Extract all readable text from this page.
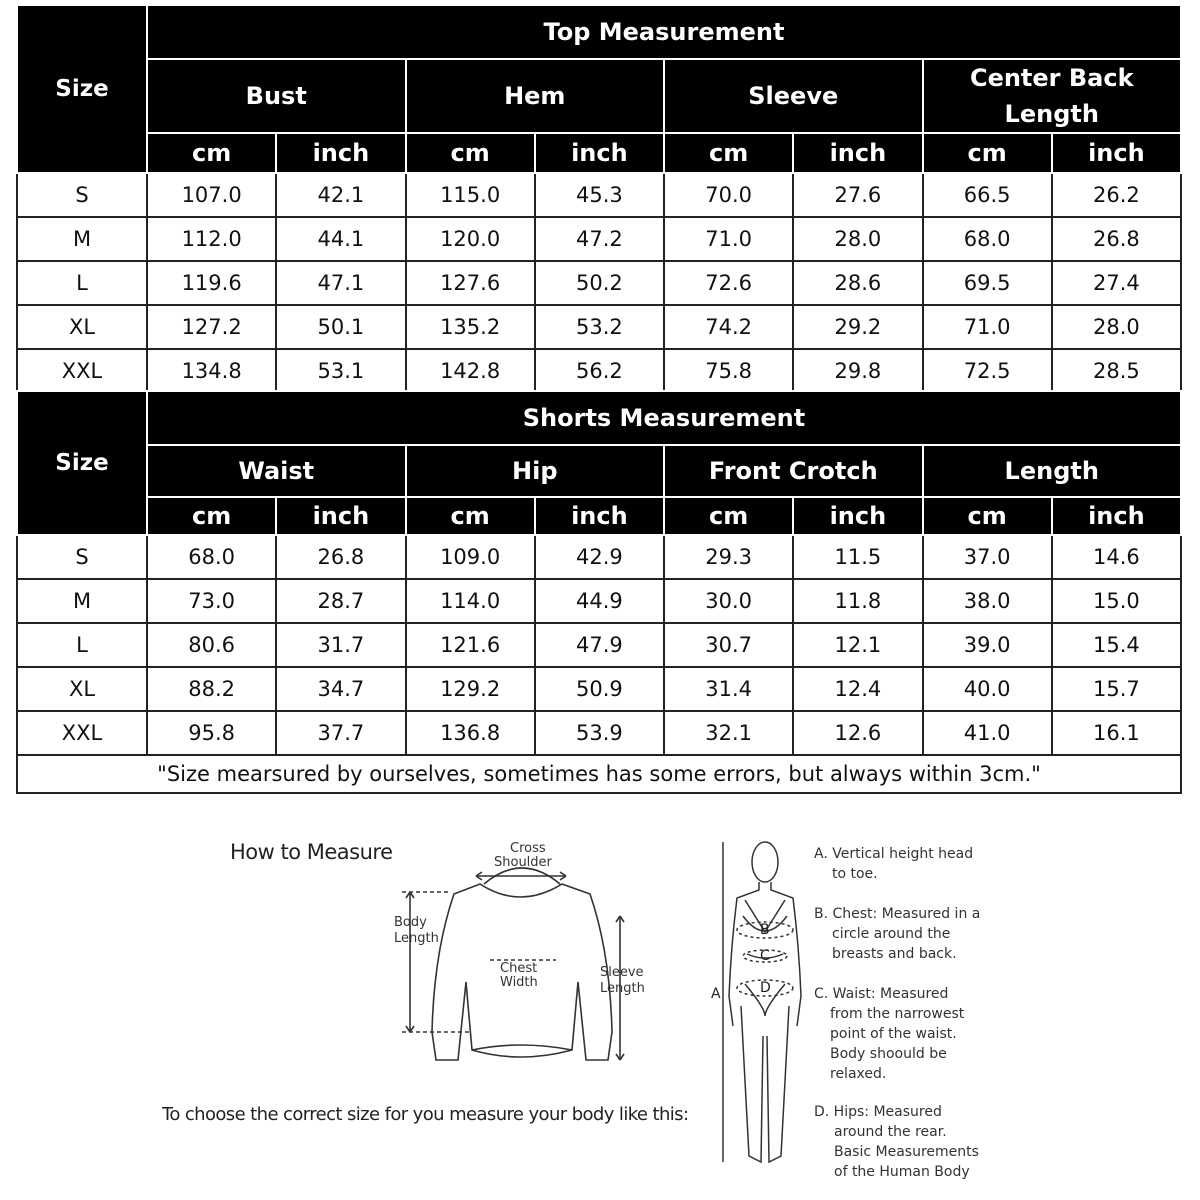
Size	Top Measurement							
	Bust		Hem		Sleeve		Center Back Length	
	cm	inch	cm	inch	cm	inch	cm	inch
S	107.0	42.1	115.0	45.3	70.0	27.6	66.5	26.2
M	112.0	44.1	120.0	47.2	71.0	28.0	68.0	26.8
L	119.6	47.1	127.6	50.2	72.6	28.6	69.5	27.4
XL	127.2	50.1	135.2	53.2	74.2	29.2	71.0	28.0
XXL	134.8	53.1	142.8	56.2	75.8	29.8	72.5	28.5
Size	Shorts Measurement							
	Waist		Hip		Front Crotch		Length	
	cm	inch	cm	inch	cm	inch	cm	inch
S	68.0	26.8	109.0	42.9	29.3	11.5	37.0	14.6
M	73.0	28.7	114.0	44.9	30.0	11.8	38.0	15.0
L	80.6	31.7	121.6	47.9	30.7	12.1	39.0	15.4
XL	88.2	34.7	129.2	50.9	31.4	12.4	40.0	15.7
XXL	95.8	37.7	136.8	53.9	32.1	12.6	41.0	16.1
"Size mearsured by ourselves, sometimes has some errors, but always within 3cm."
How to Measure	Cross
Shoulder
Body
Length
Chest
Width
Sleeve
Length	A
B
C
D

A. Vertical height head

to toe.

B. Chest: Measured in a

circle around the

breasts and back.

C. Waist: Measured

from the narrowest

point of the waist.

Body shoould be

relaxed.

D. Hips: Measured

around the rear.

Basic Measurements

of the Human Body

To choose the correct size for you measure your body like this:
